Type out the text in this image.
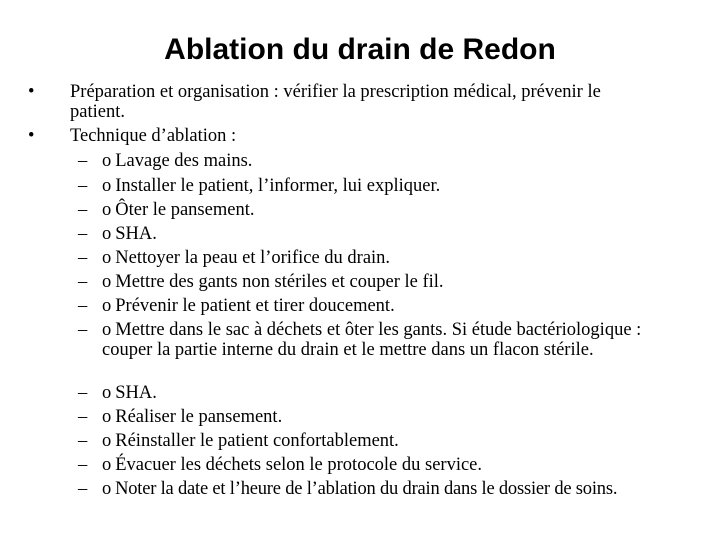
Ablation du drain de Redon
•	Préparation et organisation : vérifier la prescription médical, prévenir le patient.
•	Technique d’ablation :
– o Lavage des mains.
– o Installer le patient, l’informer, lui expliquer.
– o Ôter le pansement.
– o SHA.
– o Nettoyer la peau et l’orifice du drain.
– o Mettre des gants non stériles et couper le fil.
– o Prévenir le patient et tirer doucement.
– o Mettre dans le sac à déchets et ôter les gants. Si étude bactériologique : couper la partie interne du drain et le mettre dans un flacon stérile.
– o SHA.
– o Réaliser le pansement.
– o Réinstaller le patient confortablement.
– o Évacuer les déchets selon le protocole du service.
– o Noter la date et l’heure de l’ablation du drain dans le dossier de soins.
